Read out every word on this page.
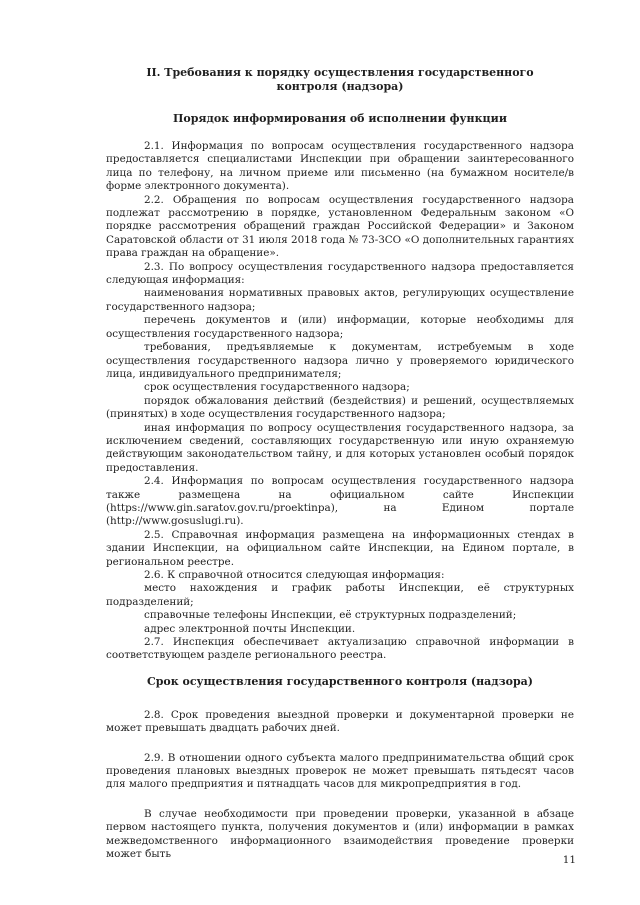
II. Требования к порядку осуществления государственного
контроля (надзора)
Порядок информирования об исполнении функции

2.1. Информация по вопросам осуществления государственного надзора предоставляется специалистами Инспекции при обращении заинтересованного лица по телефону, на личном приеме или письменно (на бумажном носителе/в форме электронного документа).

2.2. Обращения по вопросам осуществления государственного надзора подлежат рассмотрению в порядке, установленном Федеральным законом «О порядке рассмотрения обращений граждан Российской Федерации» и Законом Саратовской области от 31 июля 2018 года № 73-ЗСО «О дополнительных гарантиях права граждан на обращение».

2.3. По вопросу осуществления государственного надзора предоставляется следующая информация:

наименования нормативных правовых актов, регулирующих осуществление государственного надзора;

перечень документов и (или) информации, которые необходимы для осуществления государственного надзора;

требования, предъявляемые к документам, истребуемым в ходе осуществления государственного надзора лично у проверяемого юридического лица, индивидуального предпринимателя;

срок осуществления государственного надзора;

порядок обжалования действий (бездействия) и решений, осуществляемых (принятых) в ходе осуществления государственного надзора;

иная информация по вопросу осуществления государственного надзора, за исключением сведений, составляющих государственную или иную охраняемую действующим законодательством тайну, и для которых установлен особый порядок предоставления.

2.4. Информация по вопросам осуществления государственного надзора также размещена на официальном сайте Инспекции (https://www.gin.saratov.gov.ru/proektinpa), на Едином портале (http://www.gosuslugi.ru).

2.5. Справочная информация размещена на информационных стендах в здании Инспекции, на официальном сайте Инспекции, на Едином портале, в региональном реестре.

2.6. К справочной относится следующая информация:

место нахождения и график работы Инспекции, её структурных подразделений;

справочные телефоны Инспекции, её структурных подразделений;

адрес электронной почты Инспекции.

2.7. Инспекция обеспечивает актуализацию справочной информации в соответствующем разделе регионального реестра.

Срок осуществления государственного контроля (надзора)

2.8. Срок проведения выездной проверки и документарной проверки не может превышать двадцать рабочих дней.

2.9. В отношении одного субъекта малого предпринимательства общий срок проведения плановых выездных проверок не может превышать пятьдесят часов для малого предприятия и пятнадцать часов для микропредприятия в год.

В случае необходимости при проведении проверки, указанной в абзаце первом настоящего пункта, получения документов и (или) информации в рамках межведомственного информационного взаимодействия проведение проверки может быть	11
